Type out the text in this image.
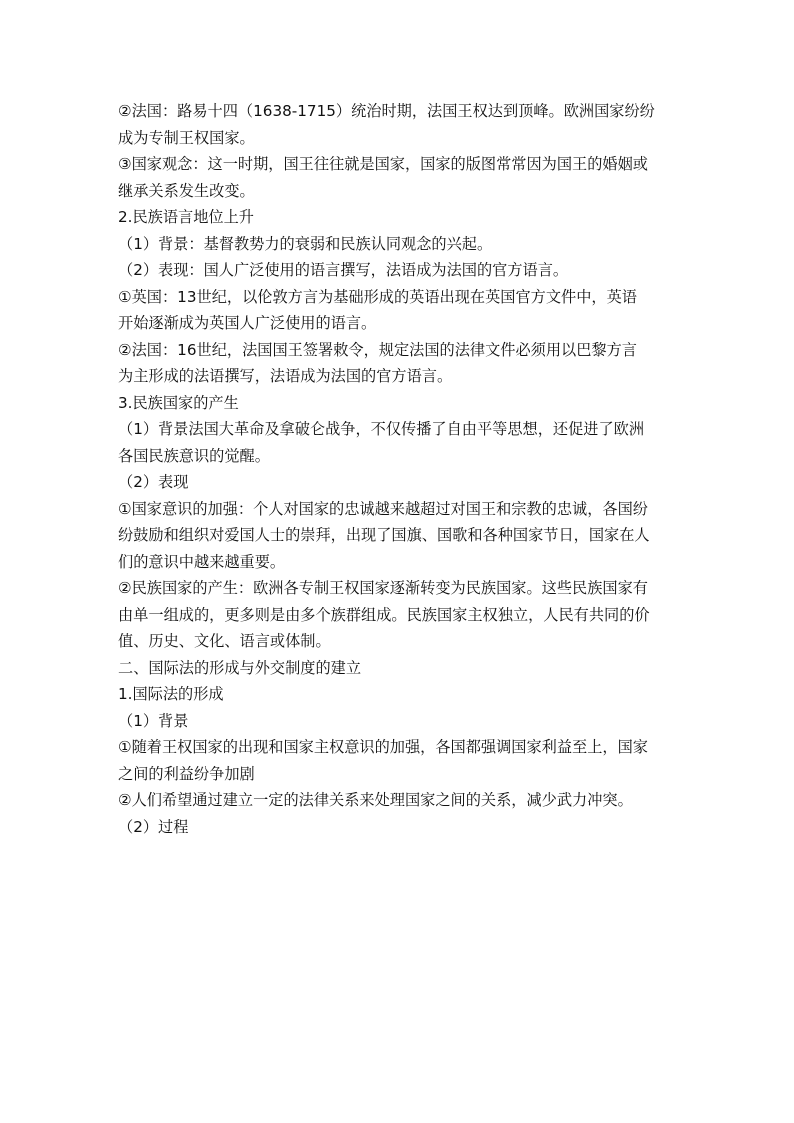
②法国：路易十四（1638-1715）统治时期，法国王权达到顶峰。欧洲国家纷纷
成为专制王权国家。
③国家观念：这一时期，国王往往就是国家，国家的版图常常因为国王的婚姻或
继承关系发生改变。
2.民族语言地位上升
（1）背景：基督教势力的衰弱和民族认同观念的兴起。
（2）表现：国人广泛使用的语言撰写，法语成为法国的官方语言。
①英国：13世纪，以伦敦方言为基础形成的英语出现在英国官方文件中，英语
开始逐渐成为英国人广泛使用的语言。
②法国：16世纪，法国国王签署敕令，规定法国的法律文件必须用以巴黎方言
为主形成的法语撰写，法语成为法国的官方语言。
3.民族国家的产生
（1）背景法国大革命及拿破仑战争，不仅传播了自由平等思想，还促进了欧洲
各国民族意识的觉醒。
（2）表现
①国家意识的加强：个人对国家的忠诚越来越超过对国王和宗教的忠诚，各国纷
纷鼓励和组织对爱国人士的崇拜，出现了国旗、国歌和各种国家节日，国家在人
们的意识中越来越重要。
②民族国家的产生：欧洲各专制王权国家逐渐转变为民族国家。这些民族国家有
由单一组成的，更多则是由多个族群组成。民族国家主权独立，人民有共同的价
值、历史、文化、语言或体制。
二、国际法的形成与外交制度的建立
1.国际法的形成
（1）背景
①随着王权国家的出现和国家主权意识的加强，各国都强调国家利益至上，国家
之间的利益纷争加剧
②人们希望通过建立一定的法律关系来处理国家之间的关系，减少武力冲突。
（2）过程
